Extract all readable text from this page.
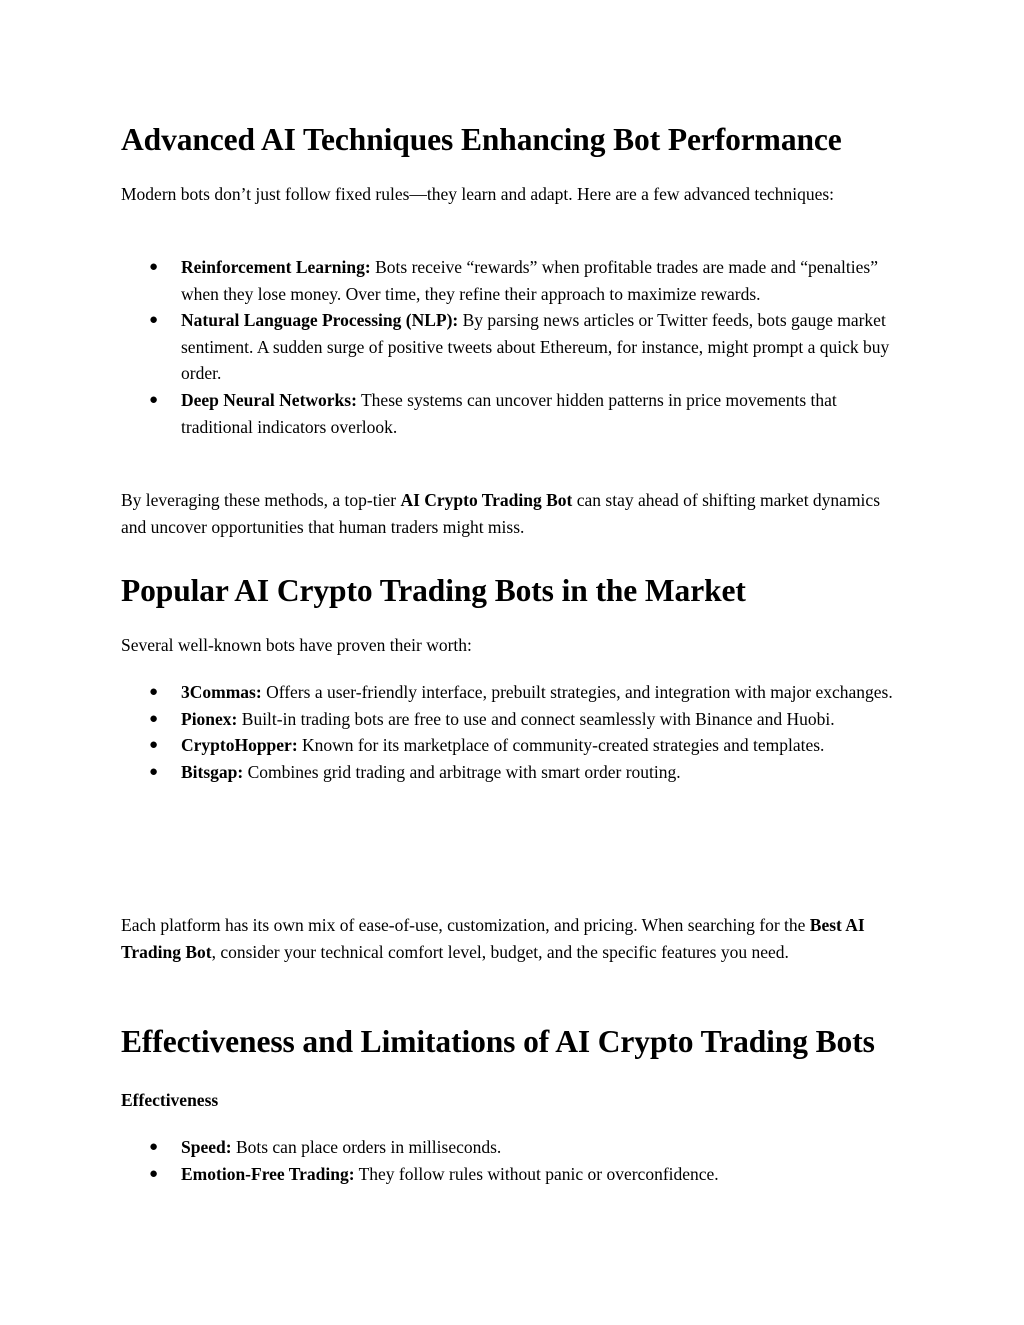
Advanced AI Techniques Enhancing Bot Performance

Modern bots don’t just follow fixed rules—they learn and adapt. Here are a few advanced techniques:

● Reinforcement Learning: Bots receive “rewards” when profitable trades are made and “penalties” when they lose money. Over time, they refine their approach to maximize rewards.
● Natural Language Processing (NLP): By parsing news articles or Twitter feeds, bots gauge market sentiment. A sudden surge of positive tweets about Ethereum, for instance, might prompt a quick buy order.
● Deep Neural Networks: These systems can uncover hidden patterns in price movements that traditional indicators overlook.

By leveraging these methods, a top-tier AI Crypto Trading Bot can stay ahead of shifting market dynamics and uncover opportunities that human traders might miss.

Popular AI Crypto Trading Bots in the Market

Several well-known bots have proven their worth:

● 3Commas: Offers a user-friendly interface, prebuilt strategies, and integration with major exchanges.
● Pionex: Built-in trading bots are free to use and connect seamlessly with Binance and Huobi.
● CryptoHopper: Known for its marketplace of community-created strategies and templates.
● Bitsgap: Combines grid trading and arbitrage with smart order routing.

Each platform has its own mix of ease-of-use, customization, and pricing. When searching for the Best AI Trading Bot, consider your technical comfort level, budget, and the specific features you need.

Effectiveness and Limitations of AI Crypto Trading Bots

Effectiveness

● Speed: Bots can place orders in milliseconds.
● Emotion-Free Trading: They follow rules without panic or overconfidence.
